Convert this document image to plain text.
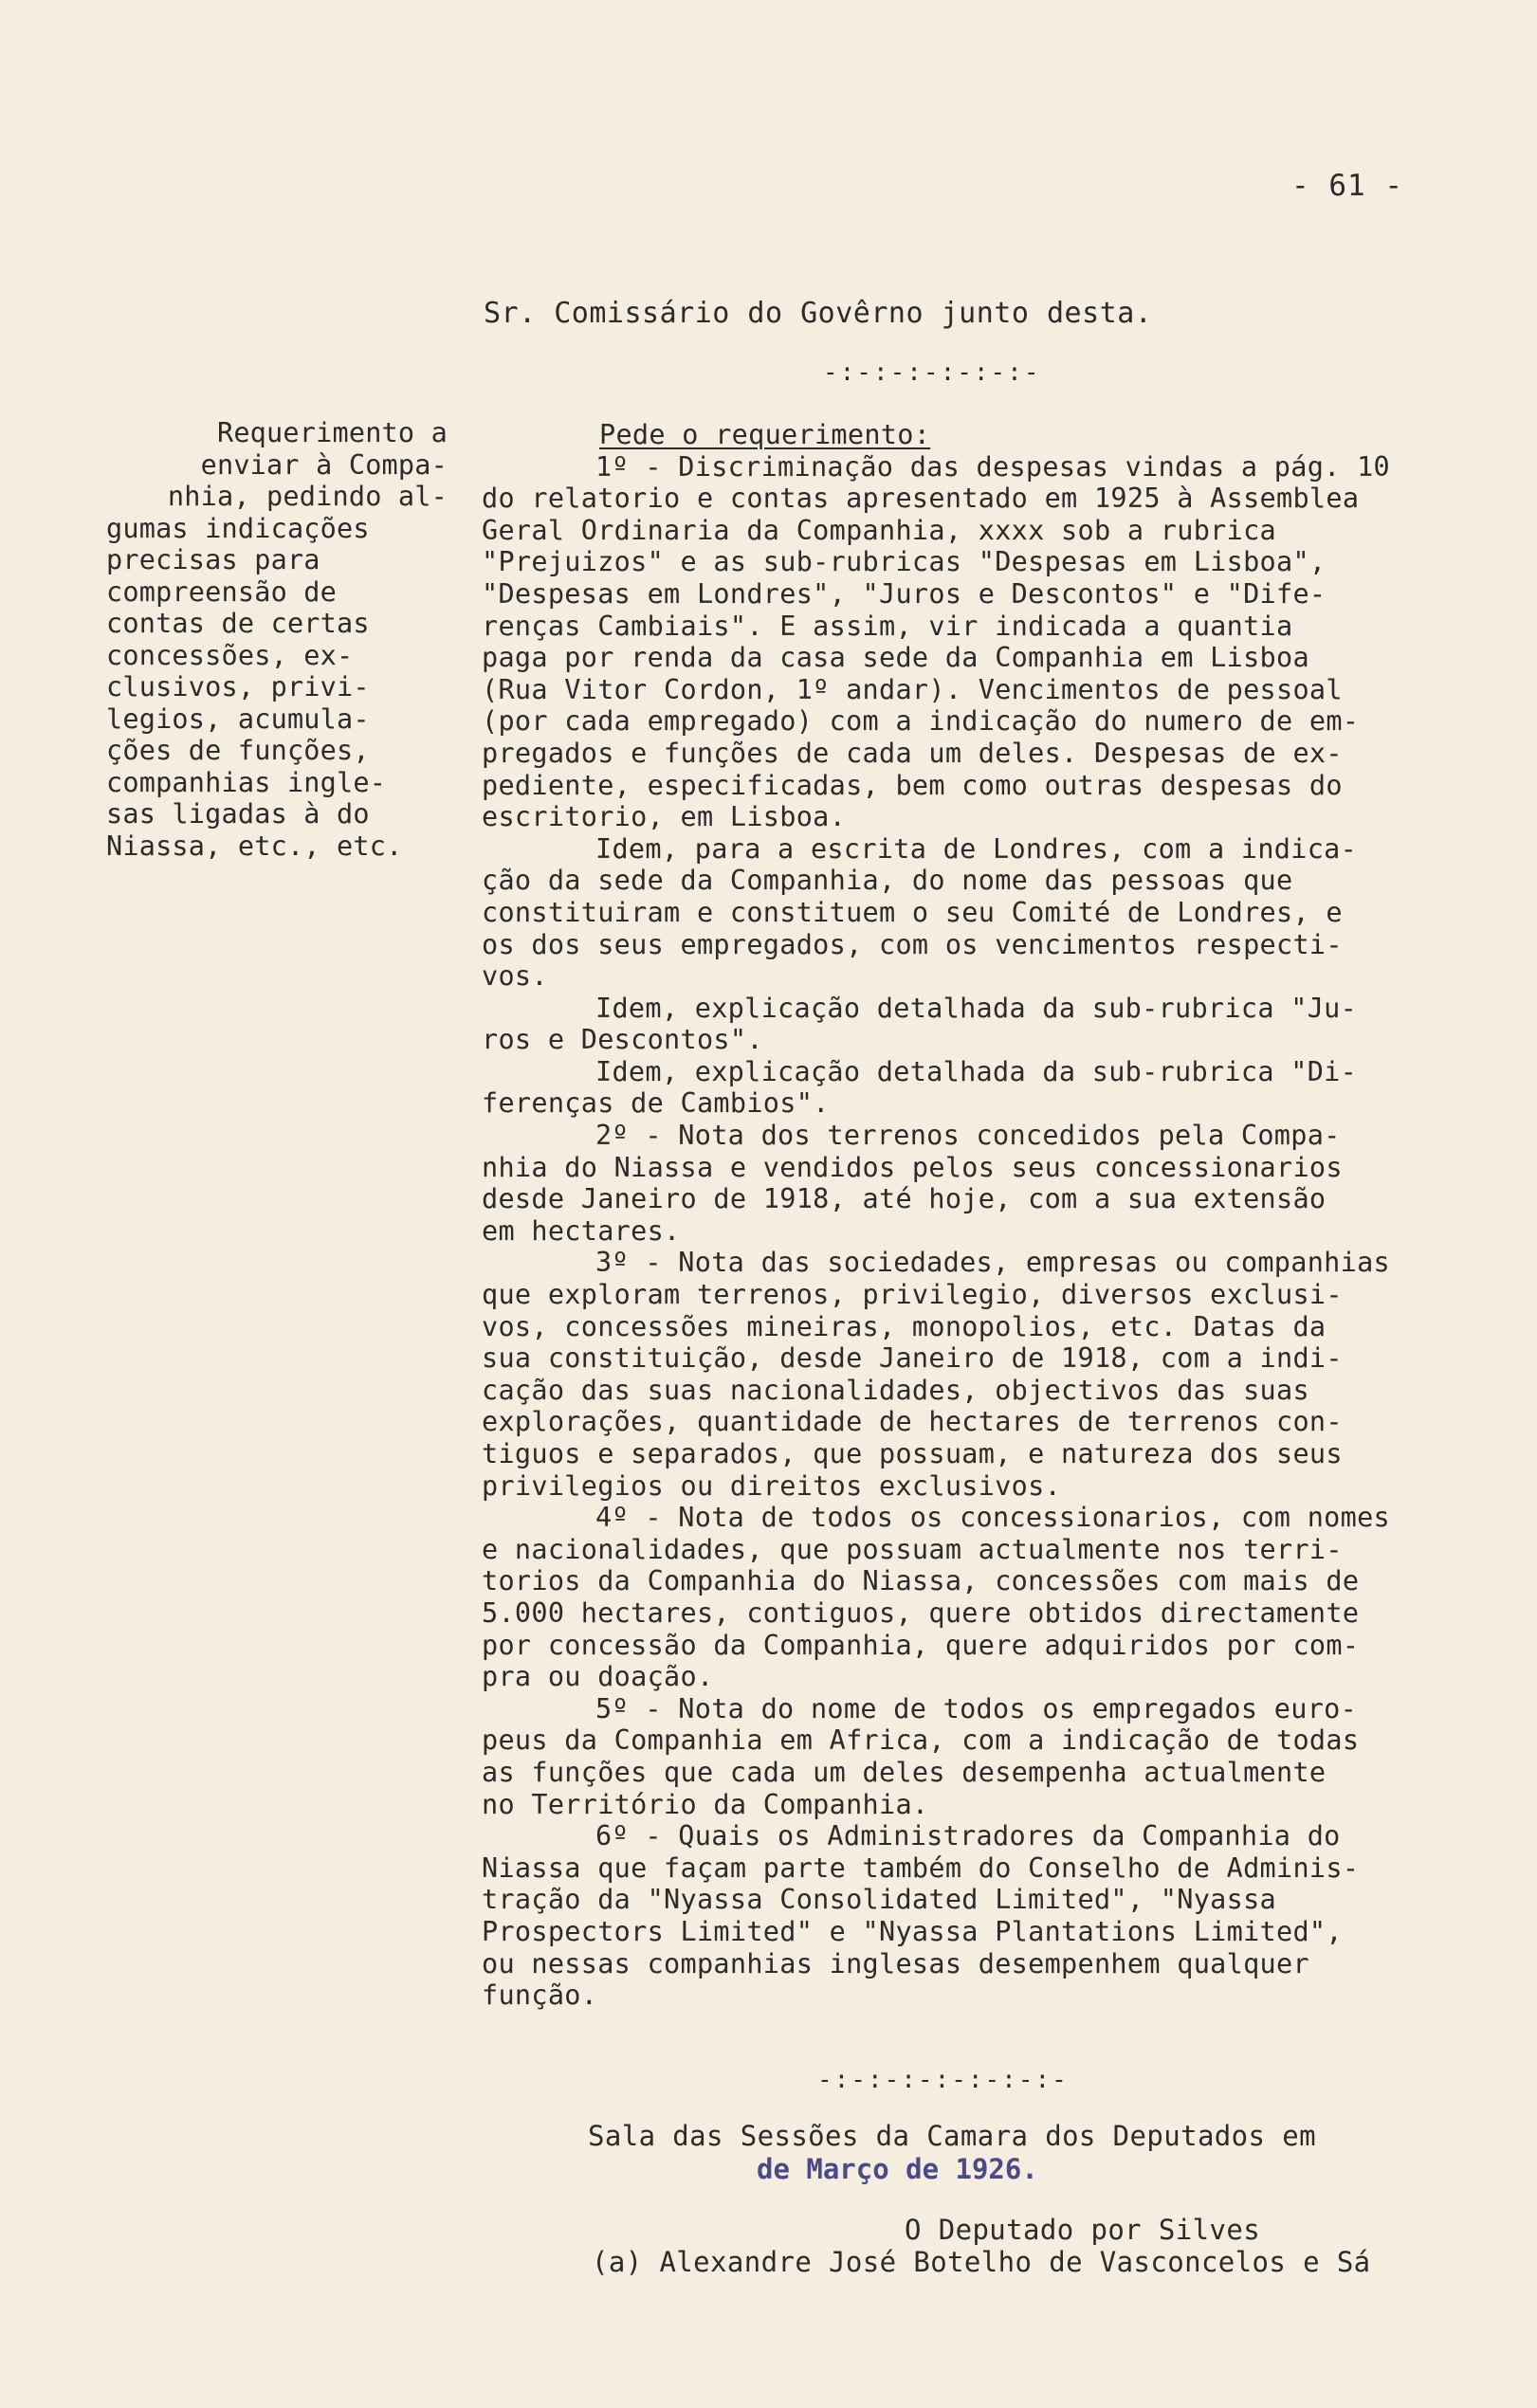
- 61 -
Sr. Comissário do Govêrno junto desta.
-:-:-:-:-:-:-
Requerimento a
enviar à Compa-
nhia, pedindo al-
gumas indicações
precisas para
compreensão de
contas de certas
concessões, ex-
clusivos, privi-
legios, acumula-
ções de funções,
companhias ingle-
sas ligadas à do
Niassa, etc., etc.
Pede o requerimento:
1º - Discriminação das despesas vindas a pág. 10
do relatorio e contas apresentado em 1925 à Assemblea
Geral Ordinaria da Companhia, xxxx sob a rubrica
"Prejuizos" e as sub-rubricas "Despesas em Lisboa",
"Despesas em Londres", "Juros e Descontos" e "Dife-
renças Cambiais". E assim, vir indicada a quantia
paga por renda da casa sede da Companhia em Lisboa
(Rua Vitor Cordon, 1º andar). Vencimentos de pessoal
(por cada empregado) com a indicação do numero de em-
pregados e funções de cada um deles. Despesas de ex-
pediente, especificadas, bem como outras despesas do
escritorio, em Lisboa.
Idem, para a escrita de Londres, com a indica-
ção da sede da Companhia, do nome das pessoas que
constituiram e constituem o seu Comité de Londres, e
os dos seus empregados, com os vencimentos respecti-
vos.
Idem, explicação detalhada da sub-rubrica "Ju-
ros e Descontos".
Idem, explicação detalhada da sub-rubrica "Di-
ferenças de Cambios".
2º - Nota dos terrenos concedidos pela Compa-
nhia do Niassa e vendidos pelos seus concessionarios
desde Janeiro de 1918, até hoje, com a sua extensão
em hectares.
3º - Nota das sociedades, empresas ou companhias
que exploram terrenos, privilegio, diversos exclusi-
vos, concessões mineiras, monopolios, etc. Datas da
sua constituição, desde Janeiro de 1918, com a indi-
cação das suas nacionalidades, objectivos das suas
explorações, quantidade de hectares de terrenos con-
tiguos e separados, que possuam, e natureza dos seus
privilegios ou direitos exclusivos.
4º - Nota de todos os concessionarios, com nomes
e nacionalidades, que possuam actualmente nos terri-
torios da Companhia do Niassa, concessões com mais de
5.000 hectares, contiguos, quere obtidos directamente
por concessão da Companhia, quere adquiridos por com-
pra ou doação.
5º - Nota do nome de todos os empregados euro-
peus da Companhia em Africa, com a indicação de todas
as funções que cada um deles desempenha actualmente
no Território da Companhia.
6º - Quais os Administradores da Companhia do
Niassa que façam parte também do Conselho de Adminis-
tração da "Nyassa Consolidated Limited", "Nyassa
Prospectors Limited" e "Nyassa Plantations Limited",
ou nessas companhias inglesas desempenhem qualquer
função.
-:-:-:-:-:-:-:-
Sala das Sessões da Camara dos Deputados em
de Março de 1926.
O Deputado por Silves
(a) Alexandre José Botelho de Vasconcelos e Sá
